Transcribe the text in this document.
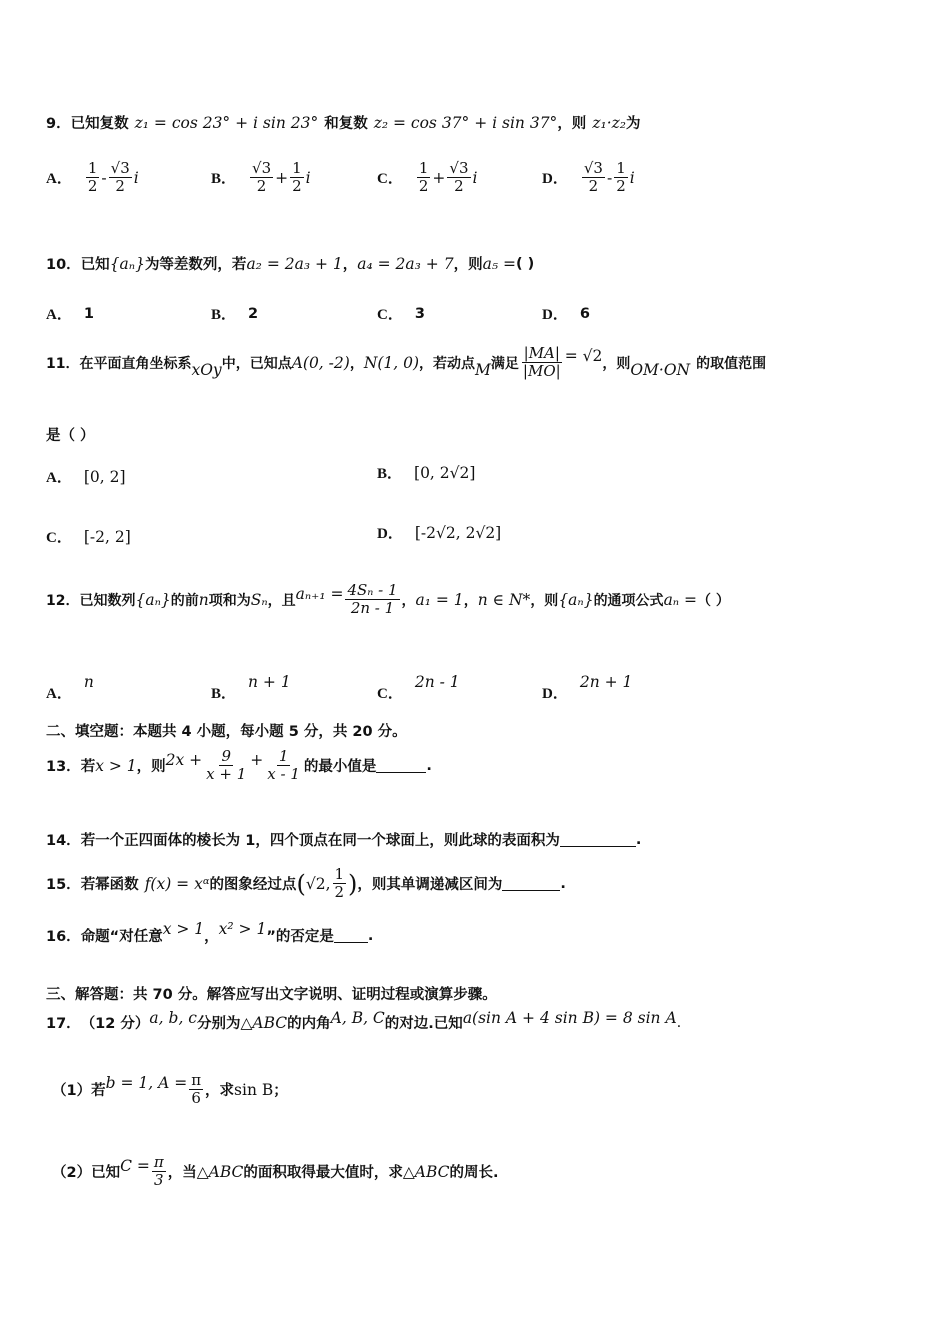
9． 已知复数 z₁ = cos 23° + i sin 23° 和复数 z₂ = cos 37° + i sin 37° ，则 z₁·z₂ 为
A． $\frac{1}{2} - \frac{√3}{2}$ i	B． $\frac{√3}{2} + \frac{1}{2}$ i	C． $\frac{1}{2} + \frac{√3}{2}$ i	D． $\frac{√3}{2} - \frac{1}{2}$ i
10． 已知 {aₙ} 为等差数列，若 a₂ = 2a₃ + 1 ， a₄ = 2a₃ + 7 ，则 a₅ = ( )
A． 1	B． 2	C． 3	D． 6
11． 在平面直角坐标系 xOy 中，已知点 A(0, -2) ， N(1, 0) ，若动点 M 满足 $\frac{|MA|}{|MO|} = √2$ ，则 OM·ON 的取值范围
是（ ）
A． [0, 2]	B． [0, 2√2]
C． [-2, 2]	D． [-2√2, 2√2]
12． 已知数列 {aₙ} 的前 n 项和为 Sₙ ，且 $a_{n+1} = \frac{\text{4Sₙ - 1}}{2n - 1}$ ， a₁ = 1 ， n ∈ N* ，则 {aₙ} 的通项公式 aₙ = （ ）
A．
n
B．
n + 1
C．
2n - 1
D．
2n + 1
二、填空题：本题共 4 小题，每小题 5 分，共 20 分。
13． 若 x > 1 ，则 $2x + \frac{9}{x + 1} + \frac{1}{x - 1}$ 的最小值是	.
14． 若一个正四面体的棱长为 1，四个顶点在同一个球面上，则此球的表面积为	.
15． 若幂函数 f(x) = xᵅ 的图象经过点 ( √2 , $\frac{1}{2}$ ) ，则其单调递减区间为	.
16． 命题“对任意 x > 1 ， x² > 1 ”的否定是 .
三、解答题：共 70 分。解答应写出文字说明、证明过程或演算步骤。
17． （12 分） a, b, c 分别为 △ABC 的内角 A, B, C 的对边.已知 a(sin A + 4 sin B) = 8 sin A .
（1）若 b = 1, $A = \frac{\pi}{6}$ ，求 sin B ；
（2）已知 $C = \frac{\pi}{3}$ ，当 △ABC 的面积取得最大值时，求 △ABC 的周长.
